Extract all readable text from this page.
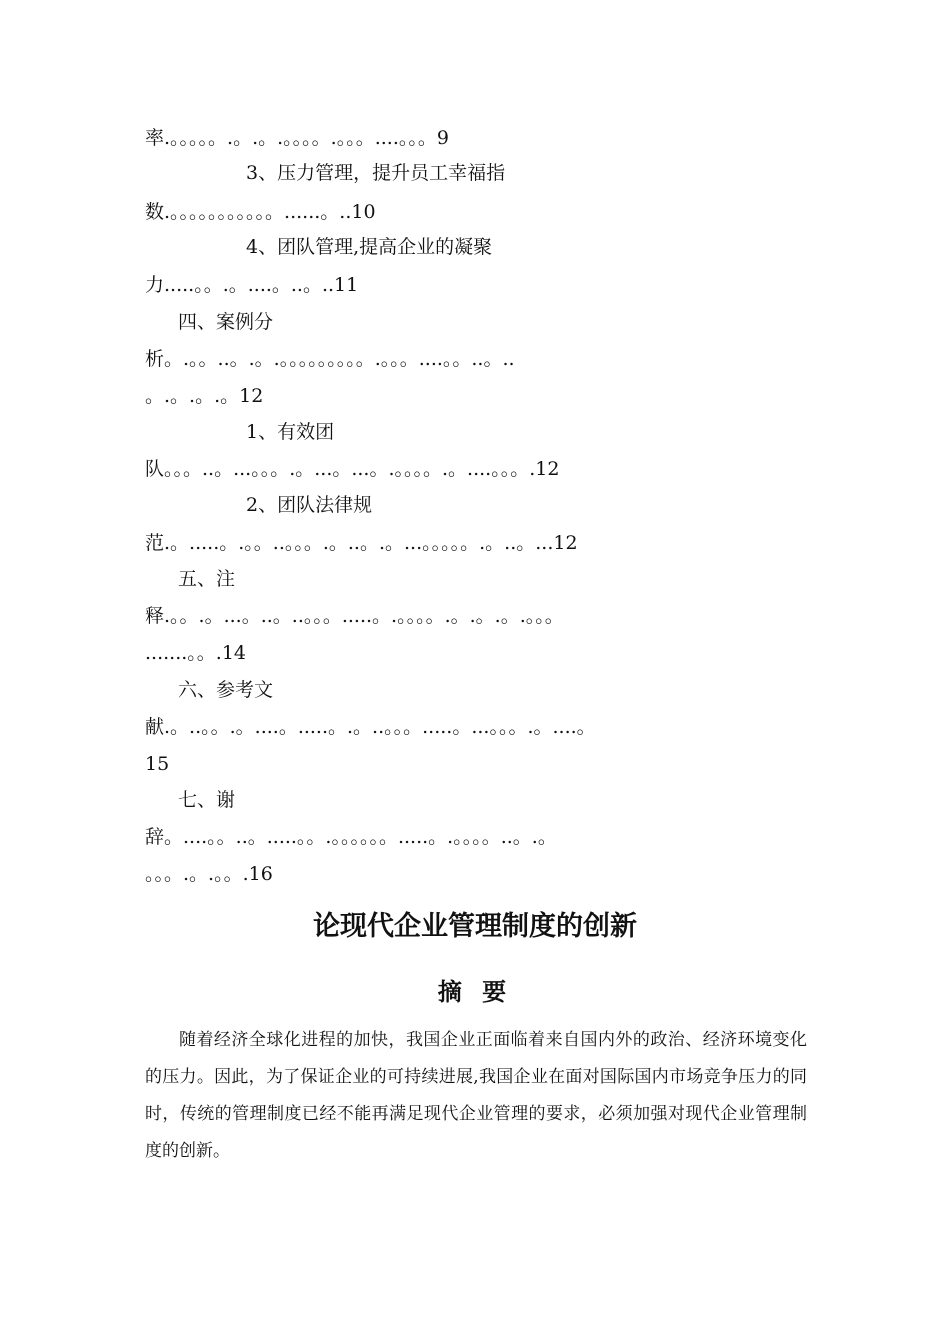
率.。。。。。.。.。.。。。。.。。。....。。。9
3、压力管理，提升员工幸福指
数.。。。。。。。。。。。......。..10
4、团队管理,提高企业的凝聚
力.....。。.。....。..。..11
四、案例分
析。.。。..。.。.。。。。。。。。。.。。。....。。..。..
。.。.。.。12
1、有效团
队。。。..。...。。。.。...。...。.。。。。.。....。。。.12
2、团队法律规
范.。.....。.。。..。。。.。..。.。...。。。。。.。..。...12
五、注
释.。。.。...。..。..。。。.....。.。。。。.。.。.。.。。。
.......。。.14
六、参考文
献.。..。。.。....。.....。.。..。。。.....。...。。。.。....。
15
七、谢
辞。....。。..。.....。。.。。。。。。.....。.。。。。..。.。
。。。.。.。。.16
论现代企业管理制度的创新
摘 要

随着经济全球化进程的加快，我国企业正面临着来自国内外的政治、经济环境变化的压力。因此，为了保证企业的可持续进展,我国企业在面对国际国内市场竞争压力的同时，传统的管理制度已经不能再满足现代企业管理的要求，必须加强对现代企业管理制度的创新。
